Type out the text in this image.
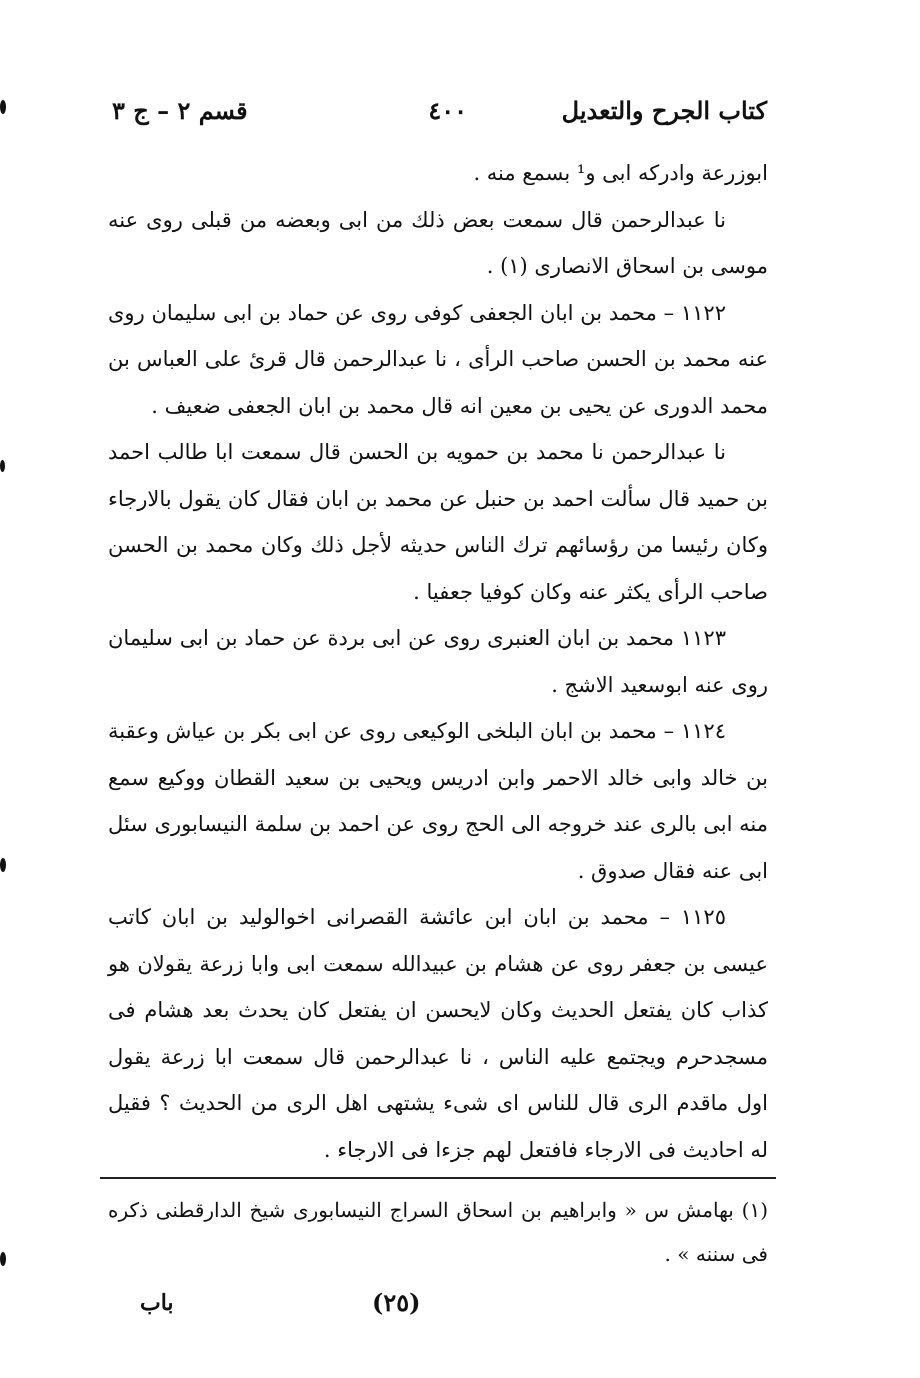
كتاب الجرح والتعديل
٤٠٠
قسم ٢ – ج ٣

ابوزرعة وادركه ابى و¹ بسمع منه .

نا عبدالرحمن قال سمعت بعض ذلك من ابى وبعضه من قبلى روى عنه موسى بن اسحاق الانصارى (١) .

١١٢٢ – محمد بن ابان الجعفى كوفى روى عن حماد بن ابى سليمان روى عنه محمد بن الحسن صاحب الرأى ، نا عبدالرحمن قال قرئ على العباس بن محمد الدورى عن يحيى بن معين انه قال محمد بن ابان الجعفى ضعيف .

نا عبدالرحمن نا محمد بن حمويه بن الحسن قال سمعت ابا طالب احمد بن حميد قال سألت احمد بن حنبل عن محمد بن ابان فقال كان يقول بالارجاء وكان رئيسا من رؤسائهم ترك الناس حديثه لأجل ذلك وكان محمد بن الحسن صاحب الرأى يكثر عنه وكان كوفيا جعفيا .

١١٢٣ محمد بن ابان العنبرى روى عن ابى بردة عن حماد بن ابى سليمان روى عنه ابوسعيد الاشج .

١١٢٤ – محمد بن ابان البلخى الوكيعى روى عن ابى بكر بن عياش وعقبة بن خالد وابى خالد الاحمر وابن ادريس ويحيى بن سعيد القطان ووكيع سمع منه ابى بالرى عند خروجه الى الحج روى عن احمد بن سلمة النيسابورى سئل ابى عنه فقال صدوق .

١١٢٥ – محمد بن ابان ابن عائشة القصرانى اخوالوليد بن ابان كاتب عيسى بن جعفر روى عن هشام بن عبيدالله سمعت ابى وابا زرعة يقولان هو كذاب كان يفتعل الحديث وكان لايحسن ان يفتعل كان يحدث بعد هشام فى مسجدحرم ويجتمع عليه الناس ، نا عبدالرحمن قال سمعت ابا زرعة يقول اول ماقدم الرى قال للناس اى شىء يشتهى اهل الرى من الحديث ؟ فقيل له احاديث فى الارجاء فافتعل لهم جزءا فى الارجاء .

(١) بهامش س « وابراهيم بن اسحاق السراج النيسابورى شيخ الدارقطنى ذكره فى سننه » .
باب	(٢٥)
